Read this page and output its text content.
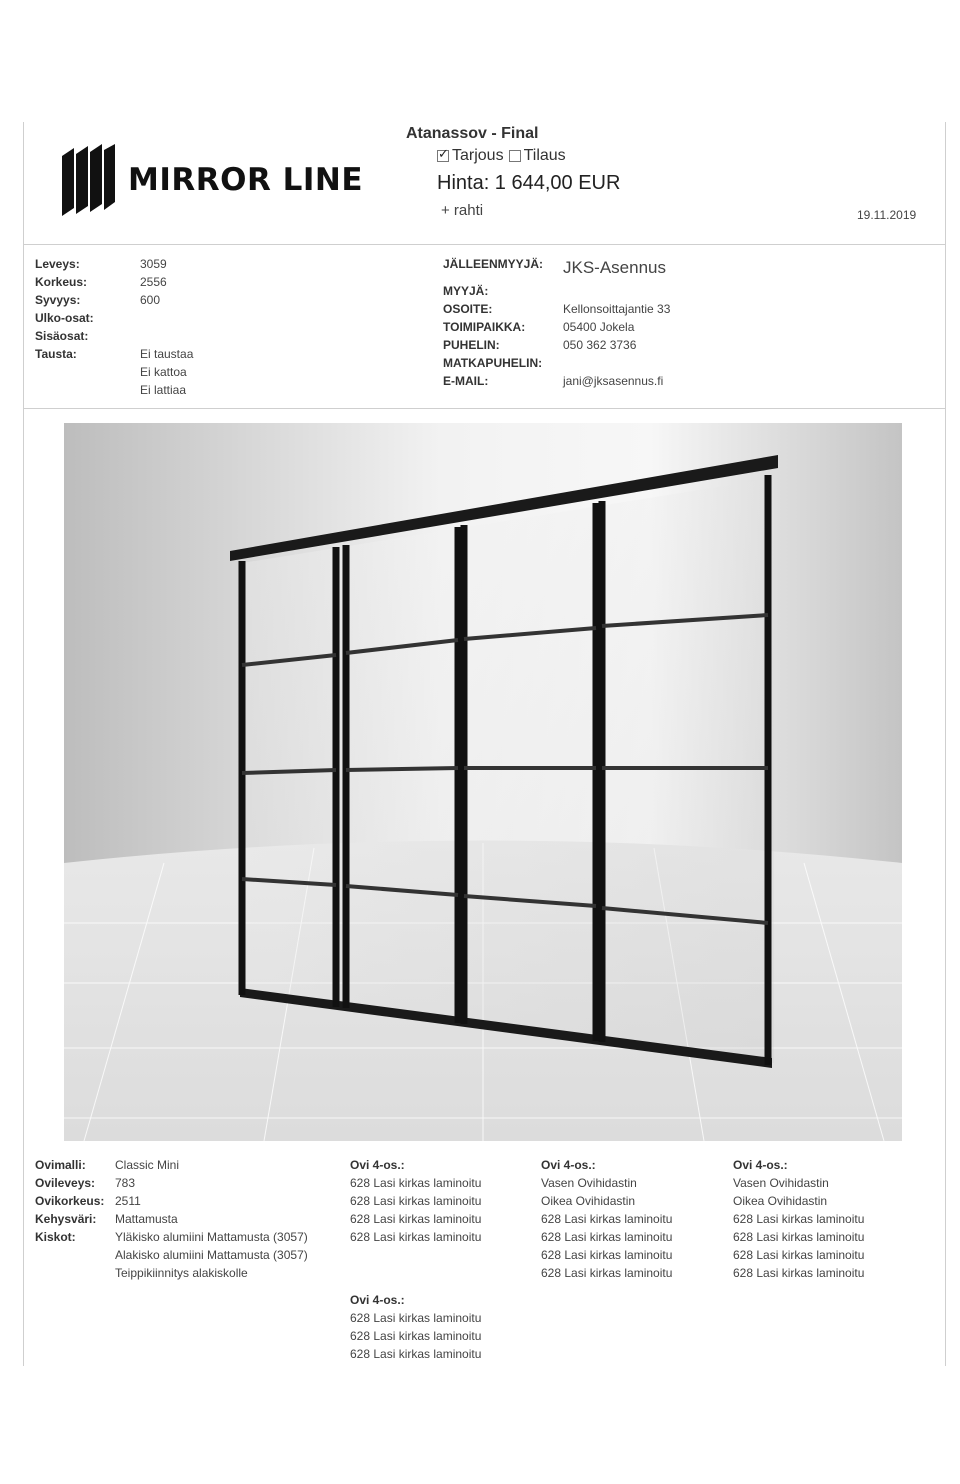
MIRROR LINE
Atanassov - Final
✓
Tarjous Tilaus
Hinta: 1 644,00 EUR
+ rahti	19.11.2019
Leveys:	3059
Korkeus:	2556
Syvyys:	600
Ulko-osat:
Sisäosat:
Tausta:	Ei taustaa
Ei kattoa
Ei lattiaa
JÄLLEENMYYJÄ: JKS-Asennus
MYYJÄ:
OSOITE:	Kellonsoittajantie 33
TOIMIPAIKKA:	05400 Jokela
PUHELIN:	050 362 3736
MATKAPUHELIN:
E-MAIL:	jani@jksasennus.fi
Ovimalli: Classic Mini
Ovileveys: 783
Ovikorkeus: 2511
Kehysväri: Mattamusta
Kiskot:	Yläkisko alumiini Mattamusta (3057)
Alakisko alumiini Mattamusta (3057)
Teippikiinnitys alakiskolle
Ovi 4-os.:
628 Lasi kirkas laminoitu
628 Lasi kirkas laminoitu
628 Lasi kirkas laminoitu
628 Lasi kirkas laminoitu
Ovi 4-os.:
Vasen Ovihidastin
Oikea Ovihidastin
628 Lasi kirkas laminoitu
628 Lasi kirkas laminoitu
628 Lasi kirkas laminoitu
628 Lasi kirkas laminoitu
Ovi 4-os.:
Vasen Ovihidastin
Oikea Ovihidastin
628 Lasi kirkas laminoitu
628 Lasi kirkas laminoitu
628 Lasi kirkas laminoitu
628 Lasi kirkas laminoitu
Ovi 4-os.:
628 Lasi kirkas laminoitu
628 Lasi kirkas laminoitu
628 Lasi kirkas laminoitu
